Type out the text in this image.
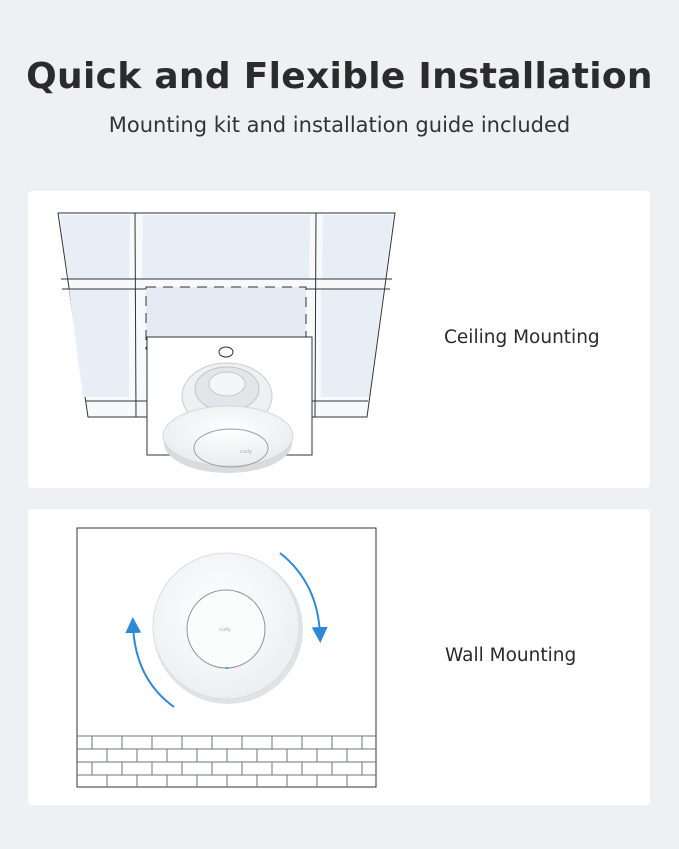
Quick and Flexible Installation

Mounting kit and installation guide included

cudy
Ceiling Mounting
cudy
Wall Mounting
